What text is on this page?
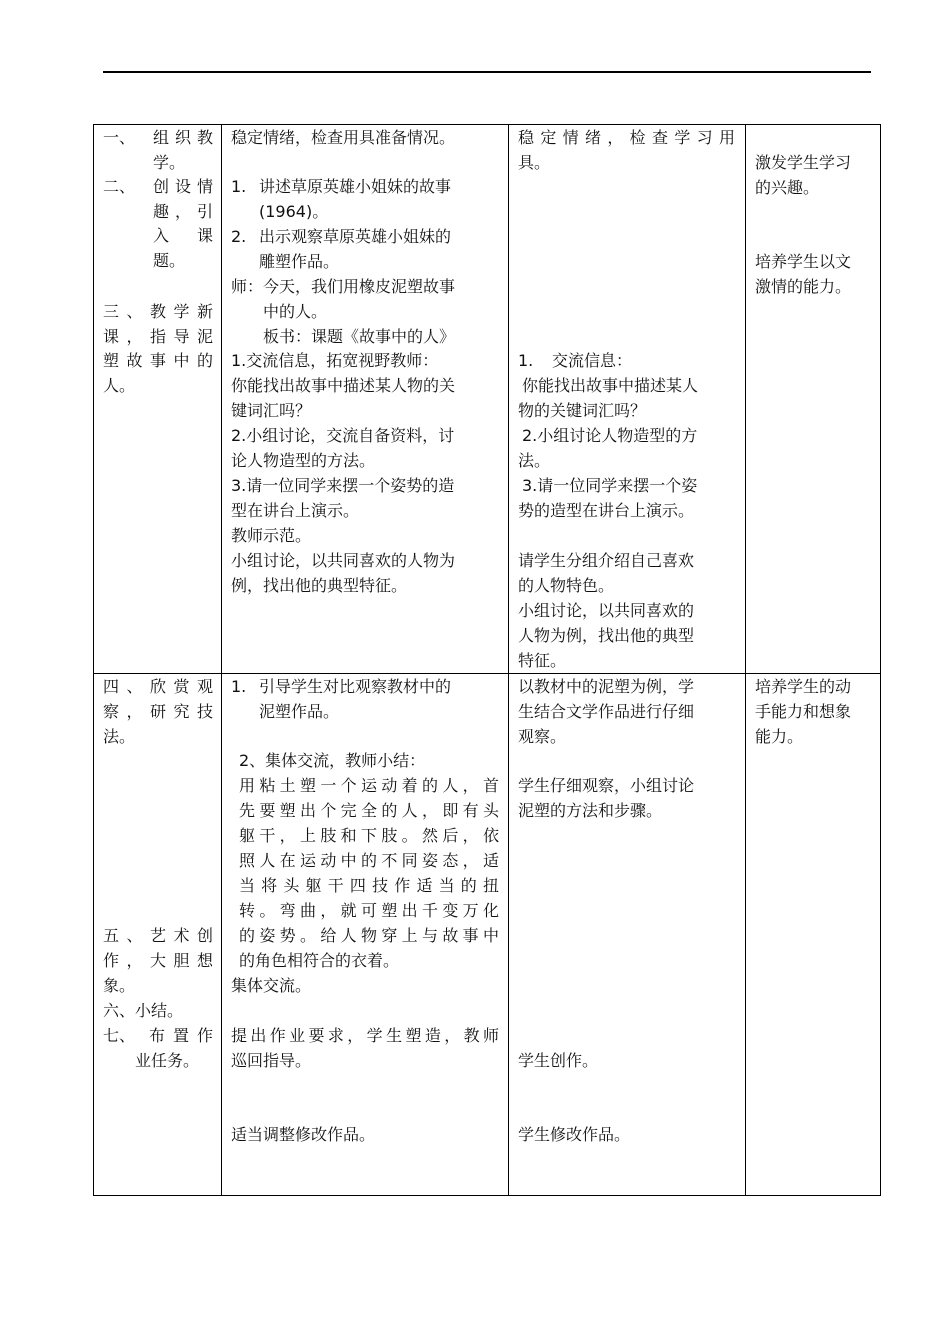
一、 组织教
学。
二、 创设情
趣，引
入 课
题。
三、教学新
课，指导泥
塑故事中的
人。
稳定情绪，检查用具准备情况。
1. 讲述草原英雄小姐妹的故事
(1964)。
2. 出示观察草原英雄小姐妹的
雕塑作品。
师：今天，我们用橡皮泥塑故事
中的人。
板书：课题《故事中的人》
1.交流信息，拓宽视野教师：
你能找出故事中描述某人物的关
键词汇吗？
2.小组讨论，交流自备资料，讨
论人物造型的方法。
3.请一位同学来摆一个姿势的造
型在讲台上演示。
教师示范。
小组讨论，以共同喜欢的人物为
例，找出他的典型特征。
稳定情绪，检查学习用
具。
1. 交流信息：
你能找出故事中描述某人
物的关键词汇吗？
2.小组讨论人物造型的方
法。
3.请一位同学来摆一个姿
势的造型在讲台上演示。
请学生分组介绍自己喜欢
的人物特色。
小组讨论，以共同喜欢的
人物为例，找出他的典型
特征。
激发学生学习
的兴趣。
培养学生以文
激情的能力。
四、欣赏观
察，研究技
法。
五、艺术创
作，大胆想
象。
六、小结。
七、 布置作
业任务。
1. 引导学生对比观察教材中的
泥塑作品。
2、集体交流，教师小结：
用粘土塑一个运动着的人，首
先要塑出个完全的人，即有头
躯干，上肢和下肢。然后，依
照人在运动中的不同姿态，适
当将头躯干四技作适当的扭
转。弯曲，就可塑出千变万化
的姿势。给人物穿上与故事中
的角色相符合的衣着。
集体交流。
提出作业要求，学生塑造，教师
巡回指导。
适当调整修改作品。
以教材中的泥塑为例，学
生结合文学作品进行仔细
观察。
学生仔细观察，小组讨论
泥塑的方法和步骤。
学生创作。
学生修改作品。
培养学生的动
手能力和想象
能力。
